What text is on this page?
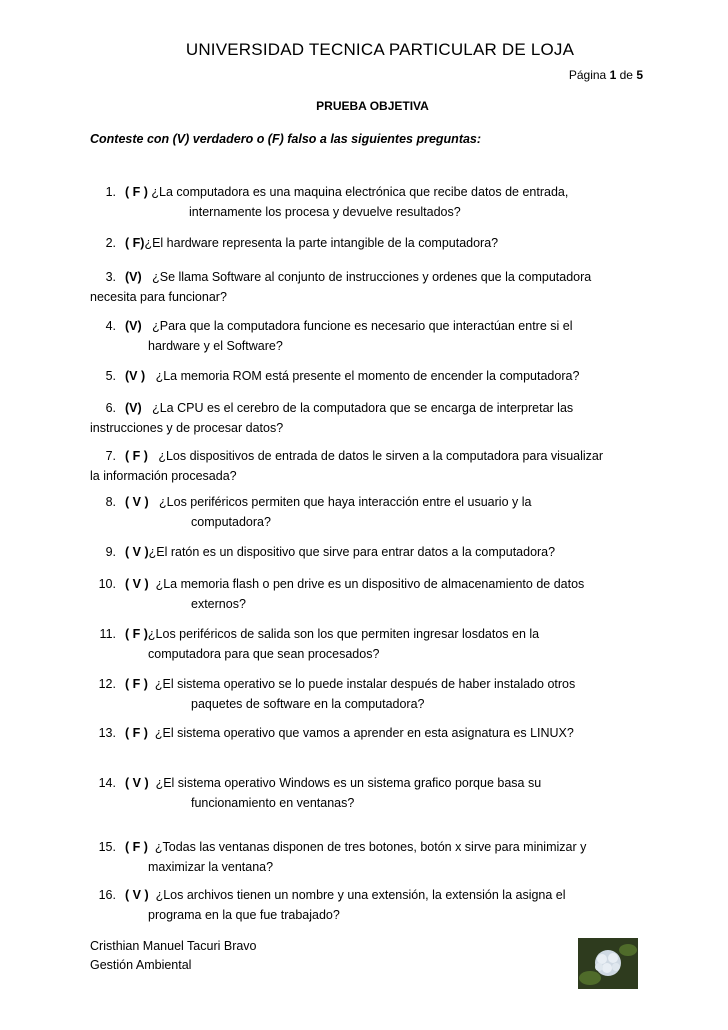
UNIVERSIDAD TECNICA PARTICULAR DE LOJA
Página 1 de 5
PRUEBA OBJETIVA
Conteste con (V) verdadero o (F) falso a las siguientes preguntas:
1. ( F ) ¿La computadora es una maquina electrónica que recibe datos de entrada,
internamente los procesa y devuelve resultados?
2. ( F)¿El hardware representa la parte intangible de la computadora?
3. (V) ¿Se llama Software al conjunto de instrucciones y ordenes que la computadora
necesita para funcionar?
4. (V) ¿Para que la computadora funcione es necesario que interactúan entre si el
hardware y el Software?
5. (V ) ¿La memoria ROM está presente el momento de encender la computadora?
6. (V) ¿La CPU es el cerebro de la computadora que se encarga de interpretar las
instrucciones y de procesar datos?
7. ( F ) ¿Los dispositivos de entrada de datos le sirven a la computadora para visualizar
la información procesada?
8. ( V ) ¿Los periféricos permiten que haya interacción entre el usuario y la
computadora?
9. ( V )¿El ratón es un dispositivo que sirve para entrar datos a la computadora?
10. ( V ) ¿La memoria flash o pen drive es un dispositivo de almacenamiento de datos
externos?
11. ( F )¿Los periféricos de salida son los que permiten ingresar losdatos en la
computadora para que sean procesados?
12. ( F ) ¿El sistema operativo se lo puede instalar después de haber instalado otros
paquetes de software en la computadora?
13. ( F ) ¿El sistema operativo que vamos a aprender en esta asignatura es LINUX?
14. ( V ) ¿El sistema operativo Windows es un sistema grafico porque basa su
funcionamiento en ventanas?
15. ( F ) ¿Todas las ventanas disponen de tres botones, botón x sirve para minimizar y
maximizar la ventana?
16. ( V ) ¿Los archivos tienen un nombre y una extensión, la extensión la asigna el
programa en la que fue trabajado?
Cristhian Manuel Tacuri Bravo
Gestión Ambiental
